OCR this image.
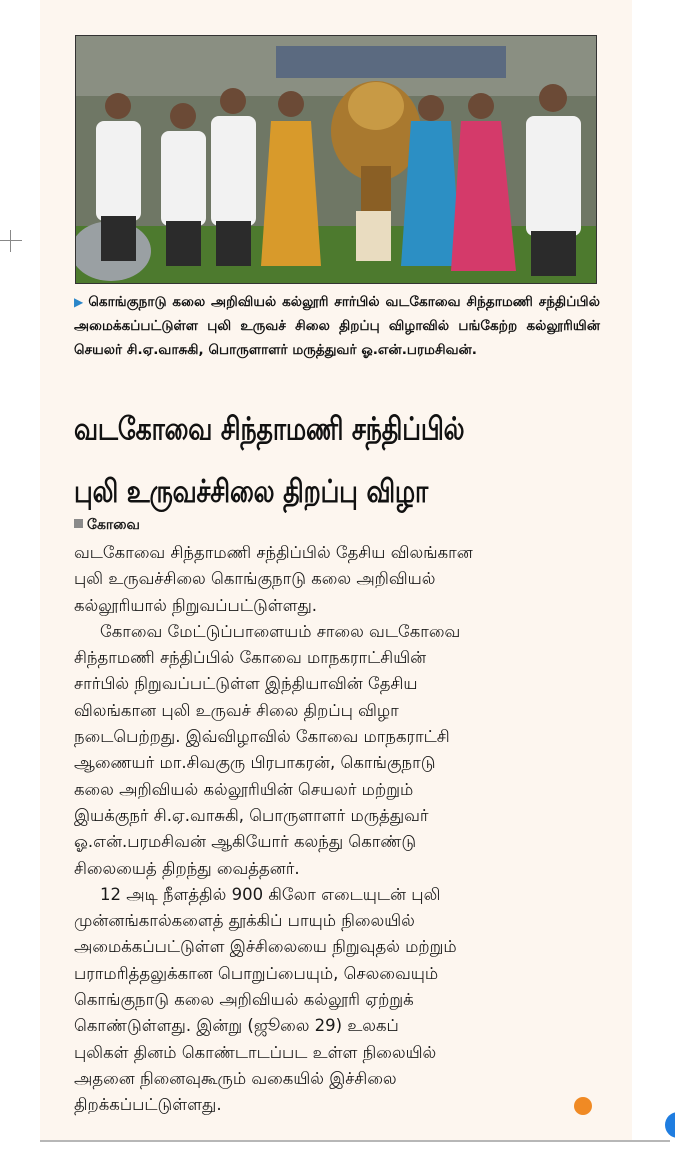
▶ கொங்குநாடு கலை அறிவியல் கல்லூரி சார்பில் வடகோவை சிந்தாமணி சந்திப்பில் அமைக்கப்பட்டுள்ள புலி உருவச் சிலை திறப்பு விழாவில் பங்கேற்ற கல்லூரியின் செயலர் சி.ஏ.வாசுகி, பொருளாளர் மருத்துவர் ஓ.என்.பரமசிவன்.
வடகோவை சிந்தாமணி சந்திப்பில்
புலி உருவச்சிலை திறப்பு விழா
கோவை

வடகோவை சிந்தாமணி சந்திப்பில் தேசிய விலங்கான
புலி உருவச்சிலை கொங்குநாடு கலை அறிவியல்
கல்லூரியால் நிறுவப்பட்டுள்ளது.

கோவை மேட்டுப்பாளையம் சாலை வடகோவை
சிந்தாமணி சந்திப்பில் கோவை மாநகராட்சியின்
சார்பில் நிறுவப்பட்டுள்ள இந்தியாவின் தேசிய
விலங்கான புலி உருவச் சிலை திறப்பு விழா
நடைபெற்றது. இவ்விழாவில் கோவை மாநகராட்சி
ஆணையர் மா.சிவகுரு பிரபாகரன், கொங்குநாடு
கலை அறிவியல் கல்லூரியின் செயலர் மற்றும்
இயக்குநர் சி.ஏ.வாசுகி, பொருளாளர் மருத்துவர்
ஓ.என்.பரமசிவன் ஆகியோர் கலந்து கொண்டு
சிலையைத் திறந்து வைத்தனர்.

12 அடி நீளத்தில் 900 கிலோ எடையுடன் புலி
முன்னங்கால்களைத் தூக்கிப் பாயும் நிலையில்
அமைக்கப்பட்டுள்ள இச்சிலையை நிறுவுதல் மற்றும்
பராமரித்தலுக்கான பொறுப்பையும், செலவையும்
கொங்குநாடு கலை அறிவியல் கல்லூரி ஏற்றுக்
கொண்டுள்ளது. இன்று (ஜூலை 29) உலகப்
புலிகள் தினம் கொண்டாடப்பட உள்ள நிலையில்
அதனை நினைவுகூரும் வகையில் இச்சிலை
திறக்கப்பட்டுள்ளது.
